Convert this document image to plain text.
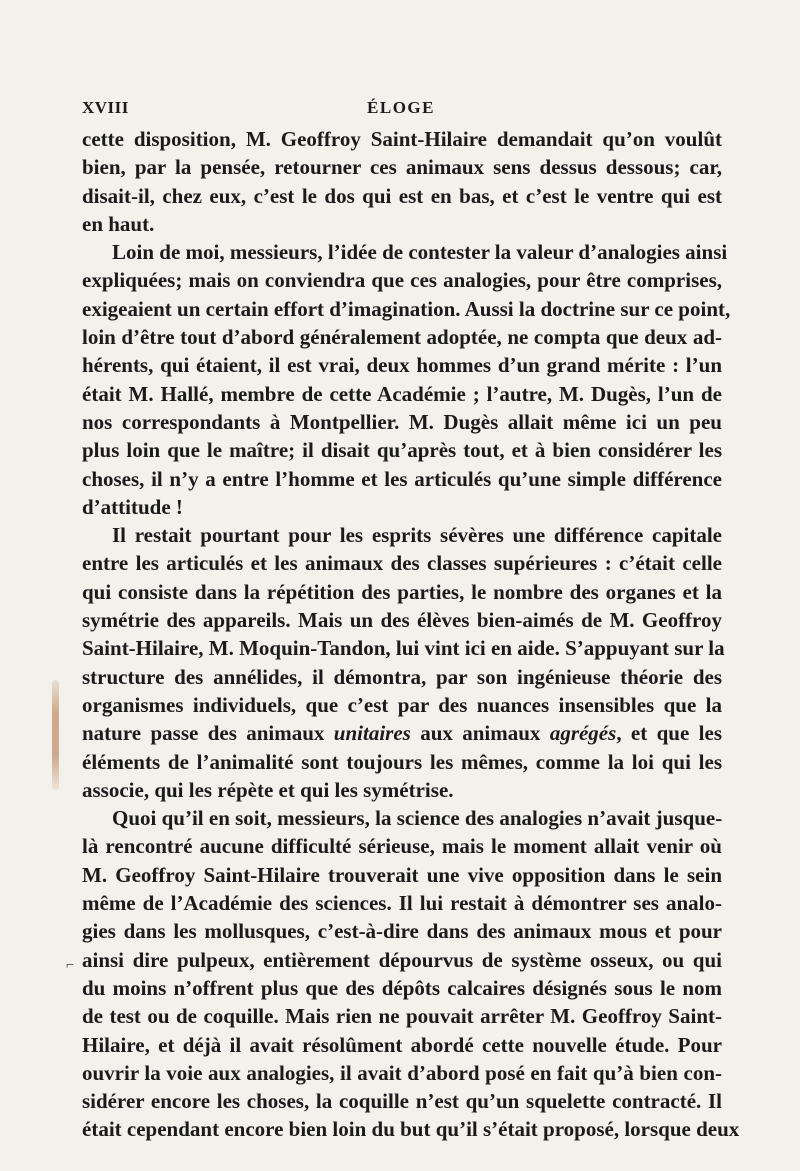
⌐
XVIII	ÉLOGE

cette disposition, M. Geoffroy Saint-Hilaire demandait qu’on voulût
bien, par la pensée, retourner ces animaux sens dessus dessous; car,
disait-il, chez eux, c’est le dos qui est en bas, et c’est le ventre qui est
en haut.

Loin de moi, messieurs, l’idée de contester la valeur d’analogies ainsi
expliquées; mais on conviendra que ces analogies, pour être comprises,
exigeaient un certain effort d’imagination. Aussi la doctrine sur ce point,
loin d’être tout d’abord généralement adoptée, ne compta que deux ad-
hérents, qui étaient, il est vrai, deux hommes d’un grand mérite : l’un
était M. Hallé, membre de cette Académie ; l’autre, M. Dugès, l’un de
nos correspondants à Montpellier. M. Dugès allait même ici un peu
plus loin que le maître; il disait qu’après tout, et à bien considérer les
choses, il n’y a entre l’homme et les articulés qu’une simple différence
d’attitude !

Il restait pourtant pour les esprits sévères une différence capitale
entre les articulés et les animaux des classes supérieures : c’était celle
qui consiste dans la répétition des parties, le nombre des organes et la
symétrie des appareils. Mais un des élèves bien-aimés de M. Geoffroy
Saint-Hilaire, M. Moquin-Tandon, lui vint ici en aide. S’appuyant sur la
structure des annélides, il démontra, par son ingénieuse théorie des
organismes individuels, que c’est par des nuances insensibles que la
nature passe des animaux unitaires aux animaux agrégés, et que les
éléments de l’animalité sont toujours les mêmes, comme la loi qui les
associe, qui les répète et qui les symétrise.

Quoi qu’il en soit, messieurs, la science des analogies n’avait jusque-
là rencontré aucune difficulté sérieuse, mais le moment allait venir où
M. Geoffroy Saint-Hilaire trouverait une vive opposition dans le sein
même de l’Académie des sciences. Il lui restait à démontrer ses analo-
gies dans les mollusques, c’est-à-dire dans des animaux mous et pour
ainsi dire pulpeux, entièrement dépourvus de système osseux, ou qui
du moins n’offrent plus que des dépôts calcaires désignés sous le nom
de test ou de coquille. Mais rien ne pouvait arrêter M. Geoffroy Saint-
Hilaire, et déjà il avait résolûment abordé cette nouvelle étude. Pour
ouvrir la voie aux analogies, il avait d’abord posé en fait qu’à bien con-
sidérer encore les choses, la coquille n’est qu’un squelette contracté. Il
était cependant encore bien loin du but qu’il s’était proposé, lorsque deux
